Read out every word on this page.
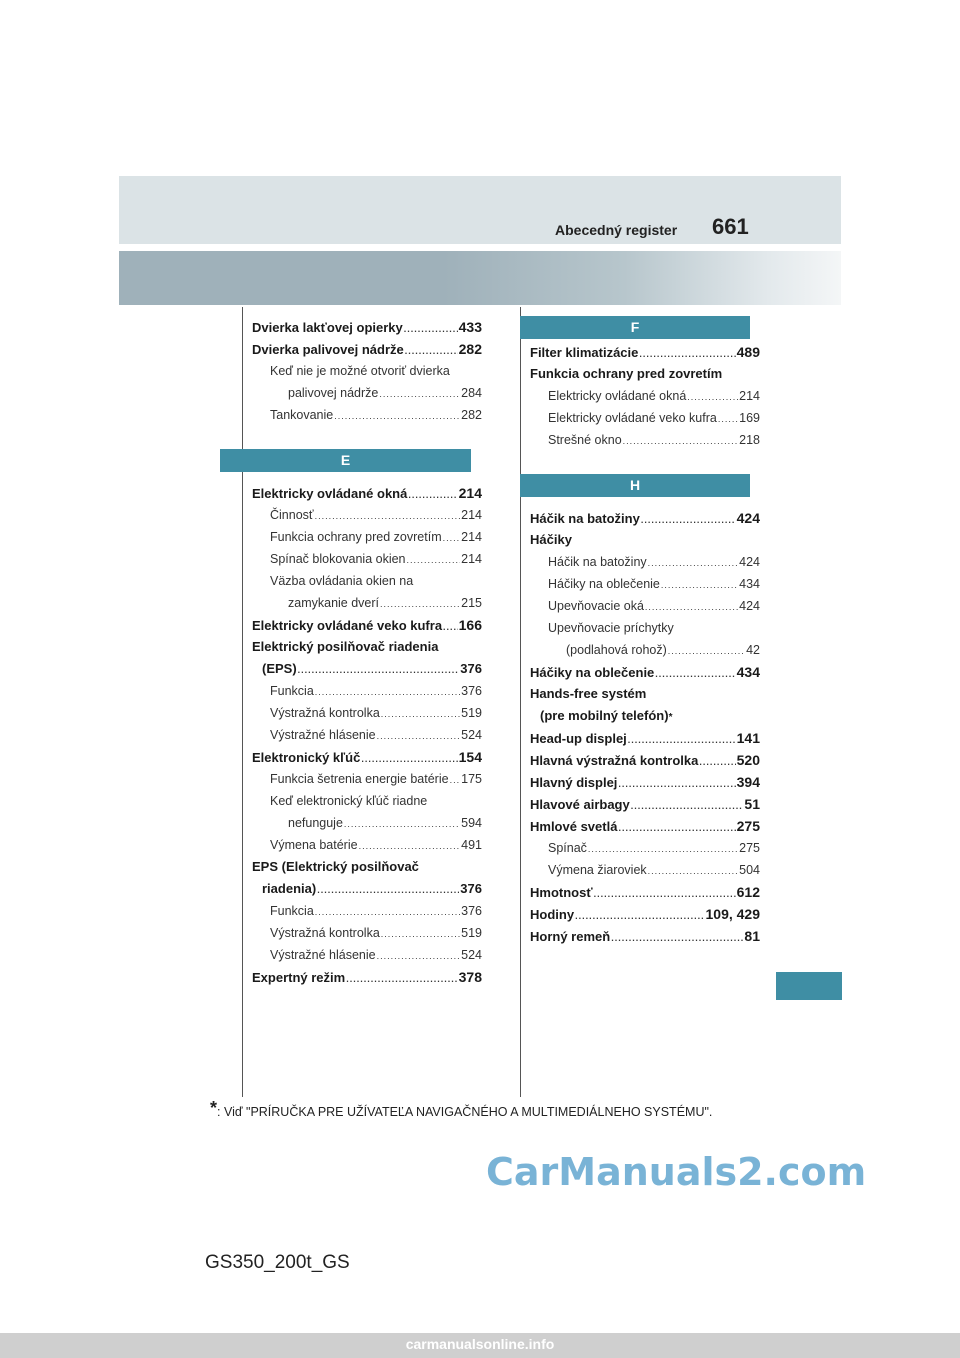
Abecedný register 661
Dvierka lakťovej opierky .....	433
Dvierka palivovej nádrže .....	282
Keď nie je možné otvoriť dvierka
palivovej nádrže .....	284
Tankovanie .....	282
E
Elektricky ovládané okná .....	214
Činnosť .....	214
Funkcia ochrany pred zovretím ..... 214
Spínač blokovania okien .....	214
Väzba ovládania okien na
zamykanie dverí .....	215
Elektricky ovládané veko kufra ..... 166
Elektrický posilňovač riadenia
(EPS) .....	376
Funkcia .....	376
Výstražná kontrolka .....	519
Výstražné hlásenie .....	524
Elektronický kľúč .....	154
Funkcia šetrenia energie batérie ..... 175
Keď elektronický kľúč riadne
nefunguje .....	594
Výmena batérie .....	491
EPS (Elektrický posilňovač
riadenia) .....	376
Funkcia .....	376
Výstražná kontrolka .....	519
Výstražné hlásenie .....	524
Expertný režim .....	378
F
Filter klimatizácie .....	489
Funkcia ochrany pred zovretím
Elektricky ovládané okná .....	214
Elektricky ovládané veko kufra ..... 169
Strešné okno .....	218
H
Háčik na batožiny .....	424
Háčiky
Háčik na batožiny .....	424
Háčiky na oblečenie .....	434
Upevňovacie oká .....	424
Upevňovacie príchytky
(podlahová rohož) .....	42
Háčiky na oblečenie .....	434
Hands-free systém
(pre mobilný telefón) *
Head-up displej .....	141
Hlavná výstražná kontrolka .....	520
Hlavný displej .....	394
Hlavové airbagy .....	51
Hmlové svetlá .....	275
Spínač .....	275
Výmena žiaroviek .....	504
Hmotnosť .....	612
Hodiny .....	109, 429
Horný remeň .....	81
*: Viď "PRÍRUČKA PRE UŽÍVATEĽA NAVIGAČNÉHO A MULTIMEDIÁLNEHO SYSTÉMU".
CarManuals2.com
GS350_200t_GS
carmanualsonline.info
